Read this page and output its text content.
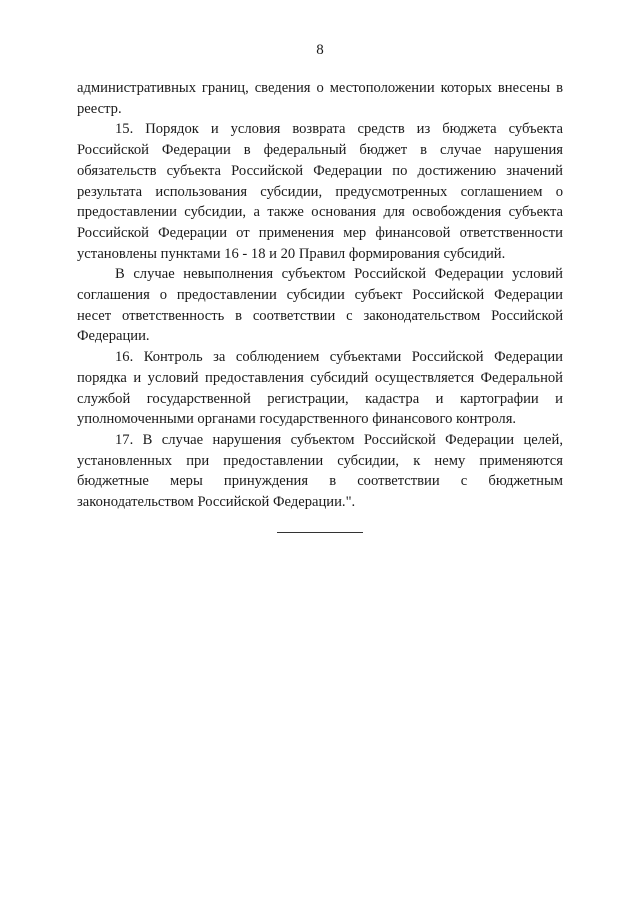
8

административных границ, сведения о местоположении которых внесены в реестр.

15. Порядок и условия возврата средств из бюджета субъекта Российской Федерации в федеральный бюджет в случае нарушения обязательств субъекта Российской Федерации по достижению значений результата использования субсидии, предусмотренных соглашением о предоставлении субсидии, а также основания для освобождения субъекта Российской Федерации от применения мер финансовой ответственности установлены пунктами 16 - 18 и 20 Правил формирования субсидий.

В случае невыполнения субъектом Российской Федерации условий соглашения о предоставлении субсидии субъект Российской Федерации несет ответственность в соответствии с законодательством Российской Федерации.

16. Контроль за соблюдением субъектами Российской Федерации порядка и условий предоставления субсидий осуществляется Федеральной службой государственной регистрации, кадастра и картографии и уполномоченными органами государственного финансового контроля.

17. В случае нарушения субъектом Российской Федерации целей, установленных при предоставлении субсидии, к нему применяются бюджетные меры принуждения в соответствии с бюджетным законодательством Российской Федерации.".
